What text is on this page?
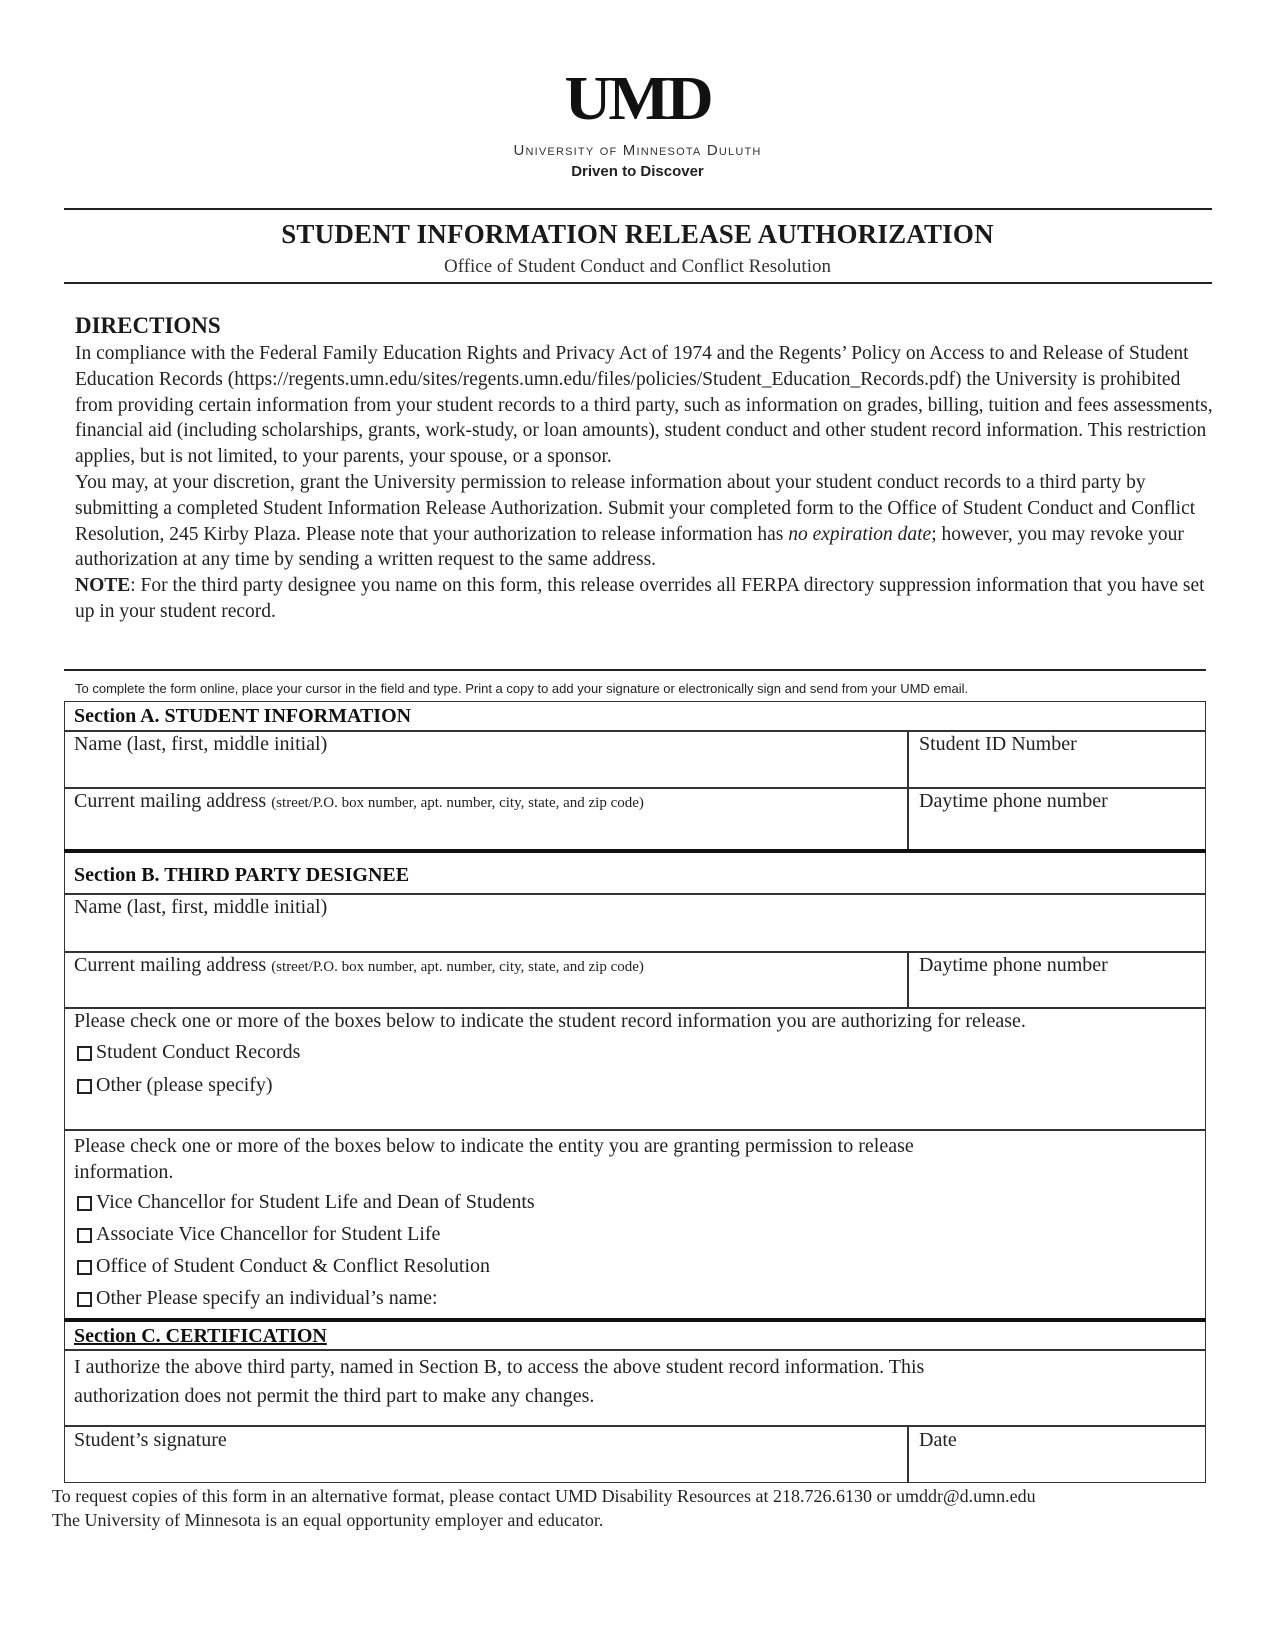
UMD
University of Minnesota Duluth
Driven to Discover
STUDENT INFORMATION RELEASE AUTHORIZATION
Office of Student Conduct and Conflict Resolution
DIRECTIONS

In compliance with the Federal Family Education Rights and Privacy Act of 1974 and the Regents’ Policy on Access to and Release of Student Education Records (https://regents.umn.edu/sites/regents.umn.edu/files/policies/Student_Education_Records.pdf) the University is prohibited from providing certain information from your student records to a third party, such as information on grades, billing, tuition and fees assessments, financial aid (including scholarships, grants, work-study, or loan amounts), student conduct and other student record information. This restriction applies, but is not limited, to your parents, your spouse, or a sponsor.

You may, at your discretion, grant the University permission to release information about your student conduct records to a third party by submitting a completed Student Information Release Authorization. Submit your completed form to the Office of Student Conduct and Conflict Resolution, 245 Kirby Plaza. Please note that your authorization to release information has no expiration date; however, you may revoke your authorization at any time by sending a written request to the same address.

NOTE: For the third party designee you name on this form, this release overrides all FERPA directory suppression information that you have set up in your student record.

To complete the form online, place your cursor in the field and type. Print a copy to add your signature or electronically sign and send from your UMD email.
Section A. STUDENT INFORMATION
Name (last, first, middle initial)	Student ID Number
Current mailing address (street/P.O. box number, apt. number, city, state, and zip code)	Daytime phone number
Section B. THIRD PARTY DESIGNEE
Name (last, first, middle initial)
Current mailing address (street/P.O. box number, apt. number, city, state, and zip code)	Daytime phone number
Please check one or more of the boxes below to indicate the student record information you are authorizing for release.
Student Conduct Records
Other (please specify)
Please check one or more of the boxes below to indicate the entity you are granting permission to release information.
Vice Chancellor for Student Life and Dean of Students
Associate Vice Chancellor for Student Life
Office of Student Conduct & Conflict Resolution
Other Please specify an individual’s name:
Section C. CERTIFICATION
I authorize the above third party, named in Section B, to access the above student record information. This authorization does not permit the third part to make any changes.
Student’s signature	Date
To request copies of this form in an alternative format, please contact UMD Disability Resources at 218.726.6130 or umddr@d.umn.edu
The University of Minnesota is an equal opportunity employer and educator.
